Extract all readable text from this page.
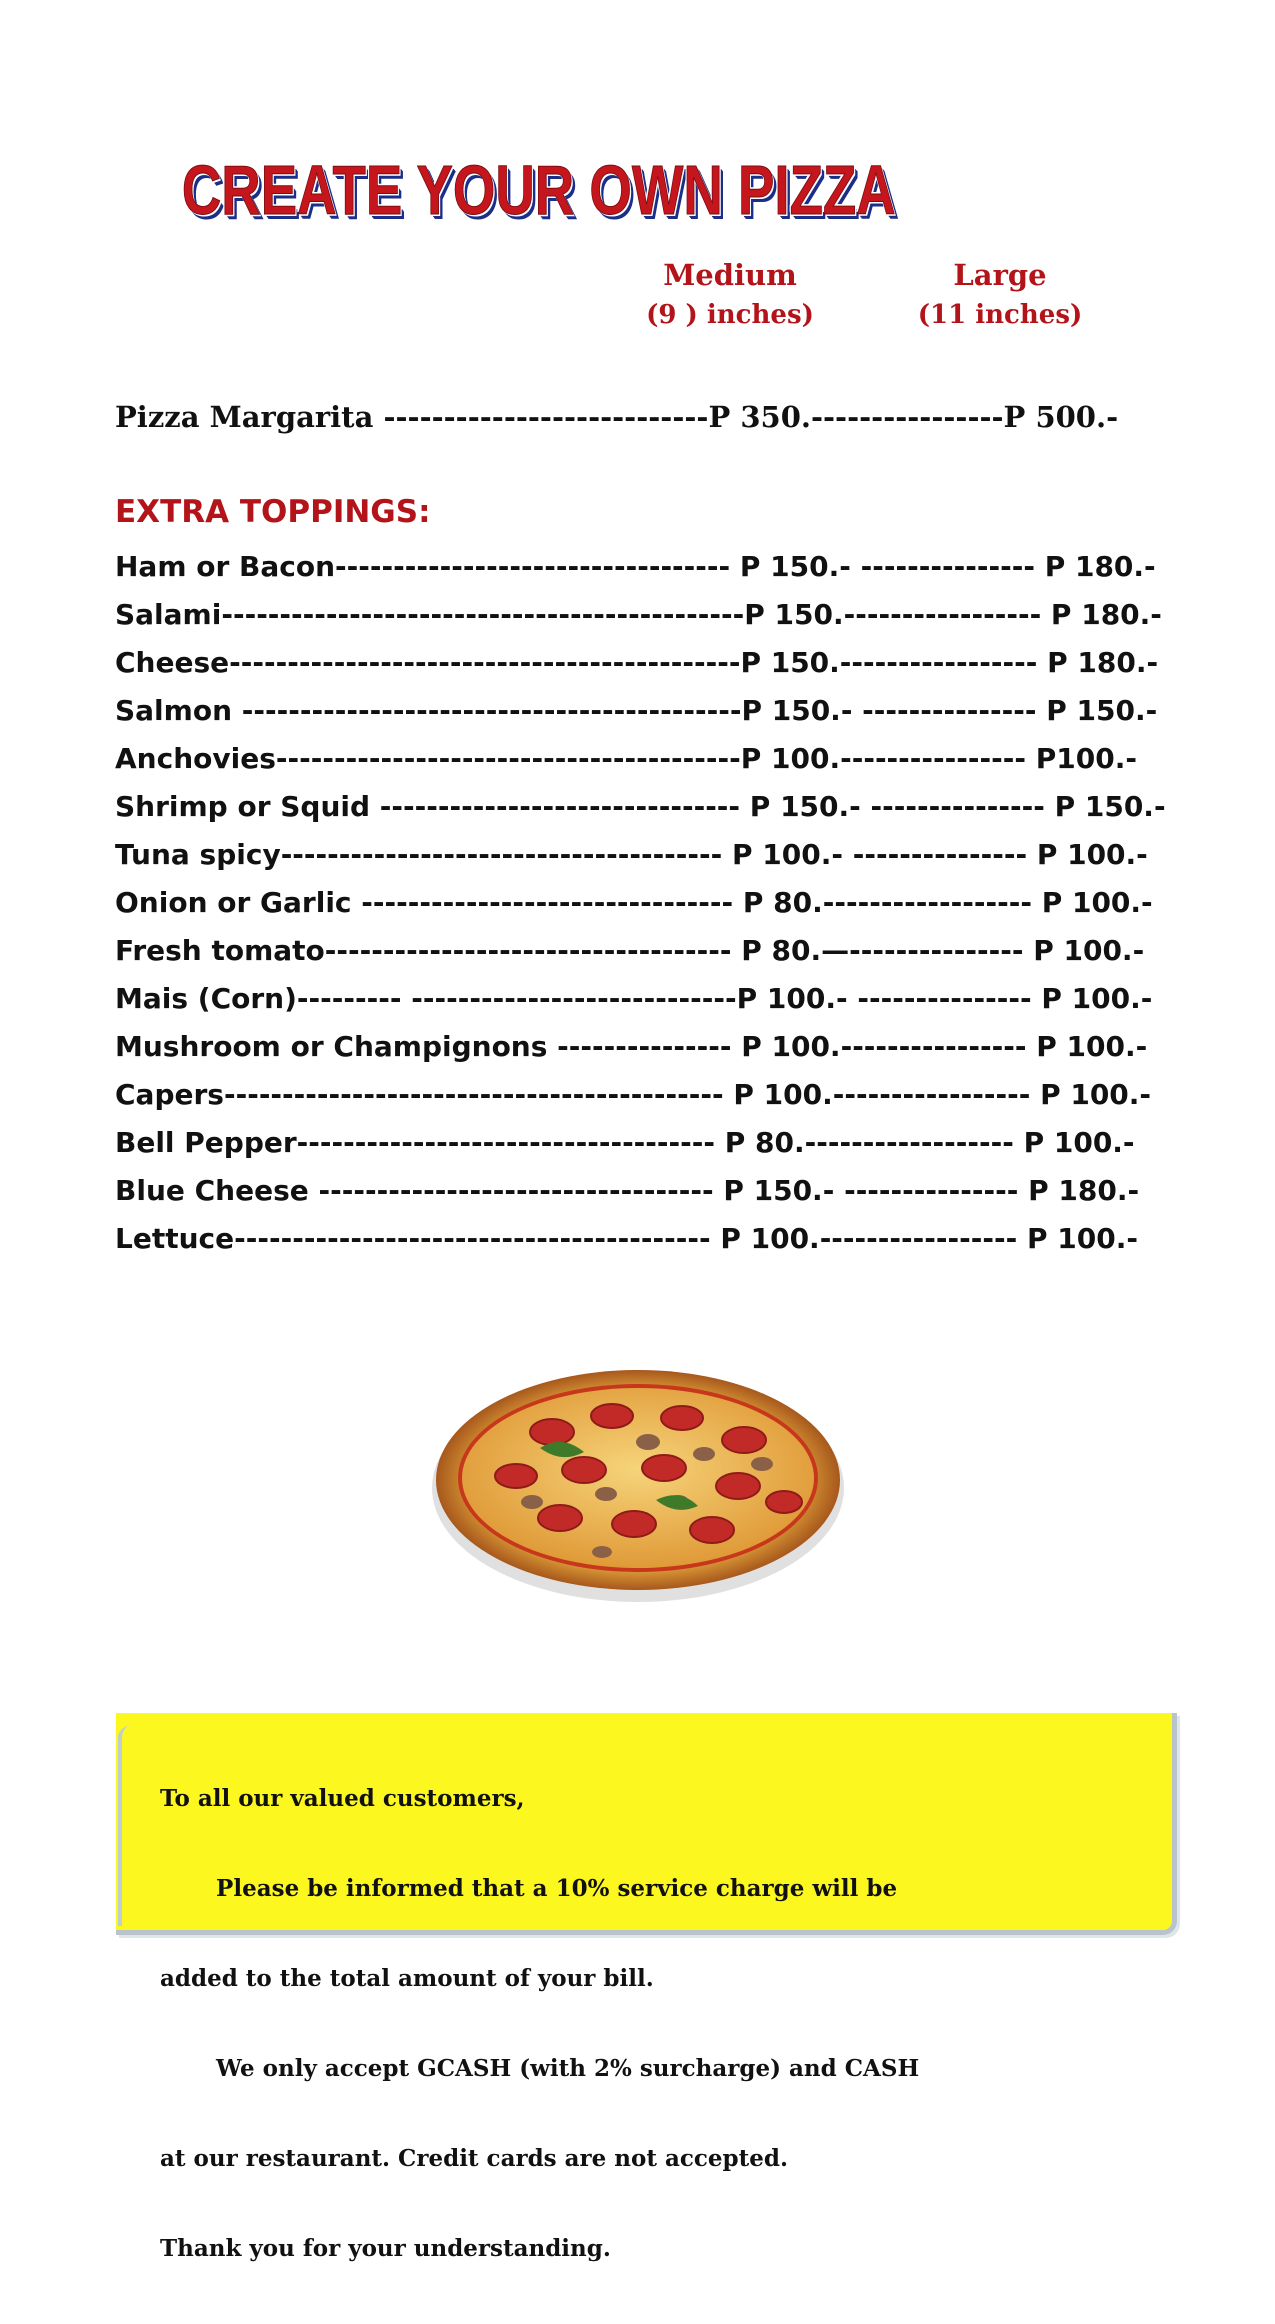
CREATE YOUR OWN PIZZA
Medium
(9 ) inches)
Large
(11 inches)
Pizza Margarita ---------------------------P 350.----------------P 500.-
EXTRA TOPPINGS:
Ham or Bacon---------------------------------- P 150.- --------------- P 180.-
Salami---------------------------------------------P 150.----------------- P 180.-
Cheese--------------------------------------------P 150.----------------- P 180.-
Salmon -------------------------------------------P 150.- --------------- P 150.-
Anchovies----------------------------------------P 100.---------------- P100.-
Shrimp or Squid ------------------------------- P 150.- --------------- P 150.-
Tuna spicy-------------------------------------- P 100.- --------------- P 100.-
Onion or Garlic -------------------------------- P 80.------------------ P 100.-
Fresh tomato----------------------------------- P 80.—--------------- P 100.-
Mais (Corn)--------- ----------------------------P 100.- --------------- P 100.-
Mushroom or Champignons --------------- P 100.---------------- P 100.-
Capers------------------------------------------- P 100.----------------- P 100.-
Bell Pepper------------------------------------ P 80.------------------ P 100.-
Blue Cheese ---------------------------------- P 150.- --------------- P 180.-
Lettuce----------------------------------------- P 100.----------------- P 100.-

To all our valued customers,

Please be informed that a 10% service charge will be

added to the total amount of your bill.

We only accept GCASH (with 2% surcharge) and CASH

at our restaurant. Credit cards are not accepted.

Thank you for your understanding.
